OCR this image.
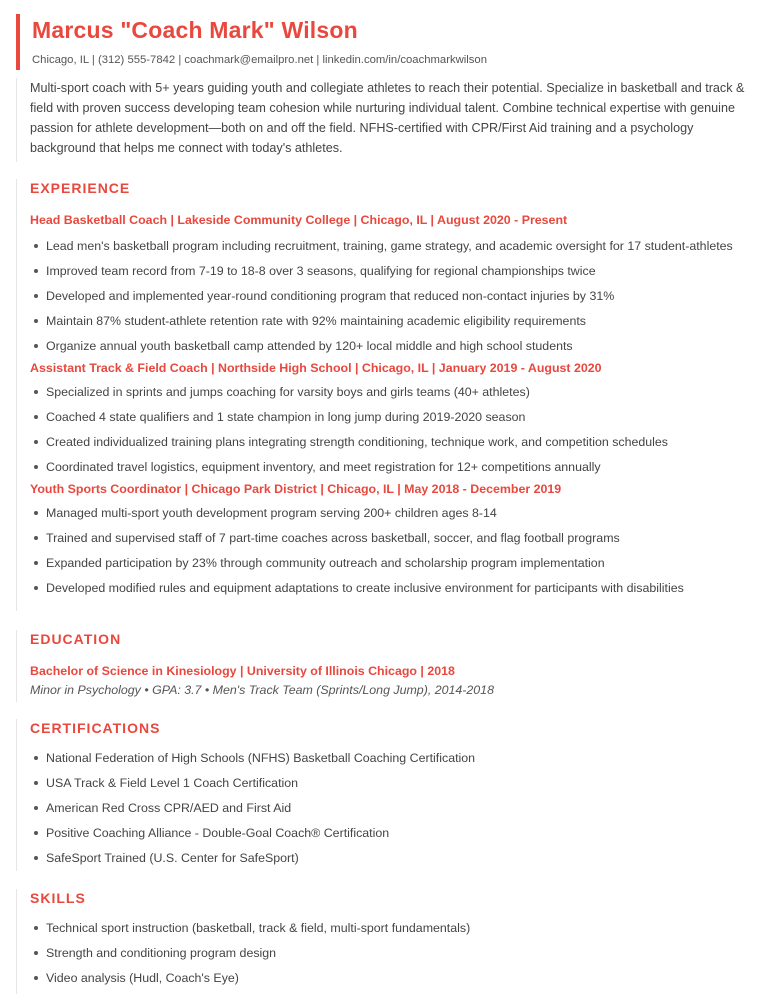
Marcus "Coach Mark" Wilson
Chicago, IL | (312) 555-7842 | coachmark@emailpro.net | linkedin.com/in/coachmarkwilson

Multi-sport coach with 5+ years guiding youth and collegiate athletes to reach their potential. Specialize in basketball and track & field with proven success developing team cohesion while nurturing individual talent. Combine technical expertise with genuine passion for athlete development—both on and off the field. NFHS-certified with CPR/First Aid training and a psychology background that helps me connect with today's athletes.

EXPERIENCE
Head Basketball Coach | Lakeside Community College | Chicago, IL | August 2020 - Present
Lead men's basketball program including recruitment, training, game strategy, and academic oversight for 17 student-athletes
Improved team record from 7-19 to 18-8 over 3 seasons, qualifying for regional championships twice
Developed and implemented year-round conditioning program that reduced non-contact injuries by 31%
Maintain 87% student-athlete retention rate with 92% maintaining academic eligibility requirements
Organize annual youth basketball camp attended by 120+ local middle and high school students
Assistant Track & Field Coach | Northside High School | Chicago, IL | January 2019 - August 2020
Specialized in sprints and jumps coaching for varsity boys and girls teams (40+ athletes)
Coached 4 state qualifiers and 1 state champion in long jump during 2019-2020 season
Created individualized training plans integrating strength conditioning, technique work, and competition schedules
Coordinated travel logistics, equipment inventory, and meet registration for 12+ competitions annually
Youth Sports Coordinator | Chicago Park District | Chicago, IL | May 2018 - December 2019
Managed multi-sport youth development program serving 200+ children ages 8-14
Trained and supervised staff of 7 part-time coaches across basketball, soccer, and flag football programs
Expanded participation by 23% through community outreach and scholarship program implementation
Developed modified rules and equipment adaptations to create inclusive environment for participants with disabilities
EDUCATION
Bachelor of Science in Kinesiology | University of Illinois Chicago | 2018
Minor in Psychology • GPA: 3.7 • Men's Track Team (Sprints/Long Jump), 2014-2018
CERTIFICATIONS
National Federation of High Schools (NFHS) Basketball Coaching Certification
USA Track & Field Level 1 Coach Certification
American Red Cross CPR/AED and First Aid
Positive Coaching Alliance - Double-Goal Coach® Certification
SafeSport Trained (U.S. Center for SafeSport)
SKILLS
Technical sport instruction (basketball, track & field, multi-sport fundamentals)
Strength and conditioning program design
Video analysis (Hudl, Coach's Eye)
